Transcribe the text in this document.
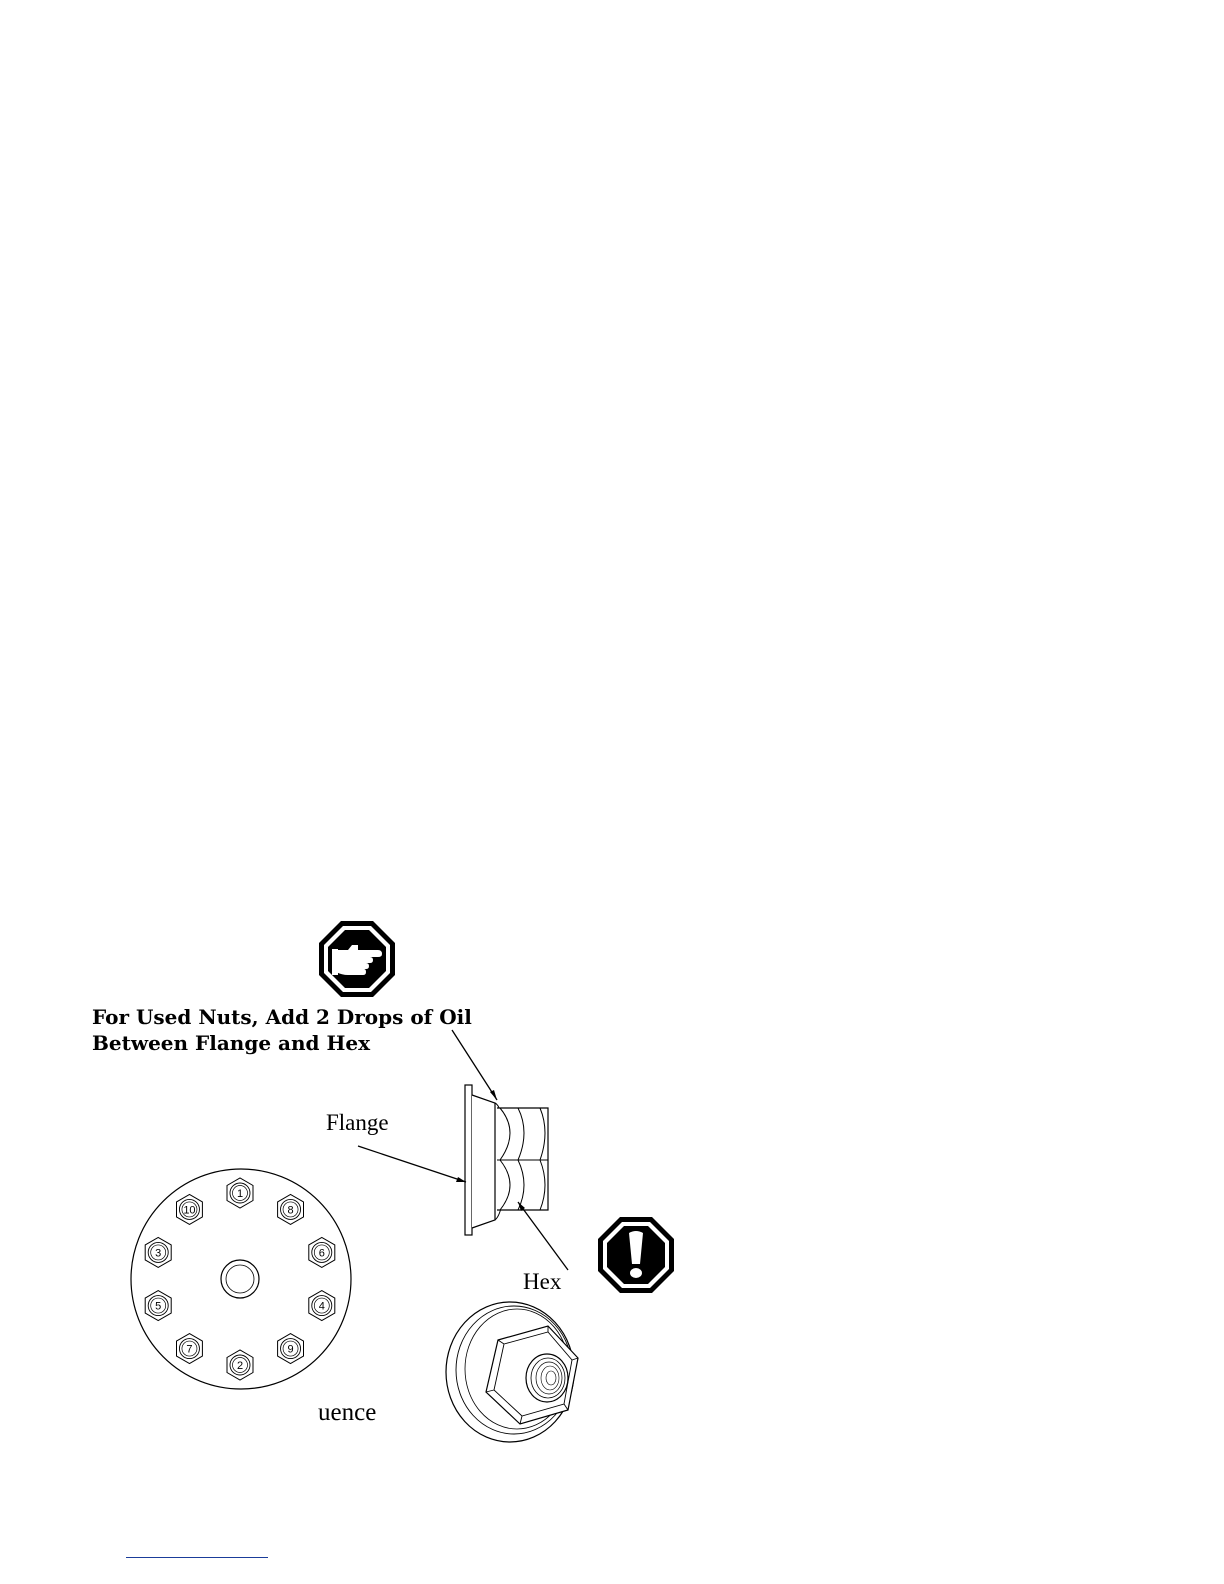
For Used Nuts, Add 2 Drops of Oil
Between Flange and Hex
Flange
Hex
1
8
6
4
9
2
7
5
3
10
uence
